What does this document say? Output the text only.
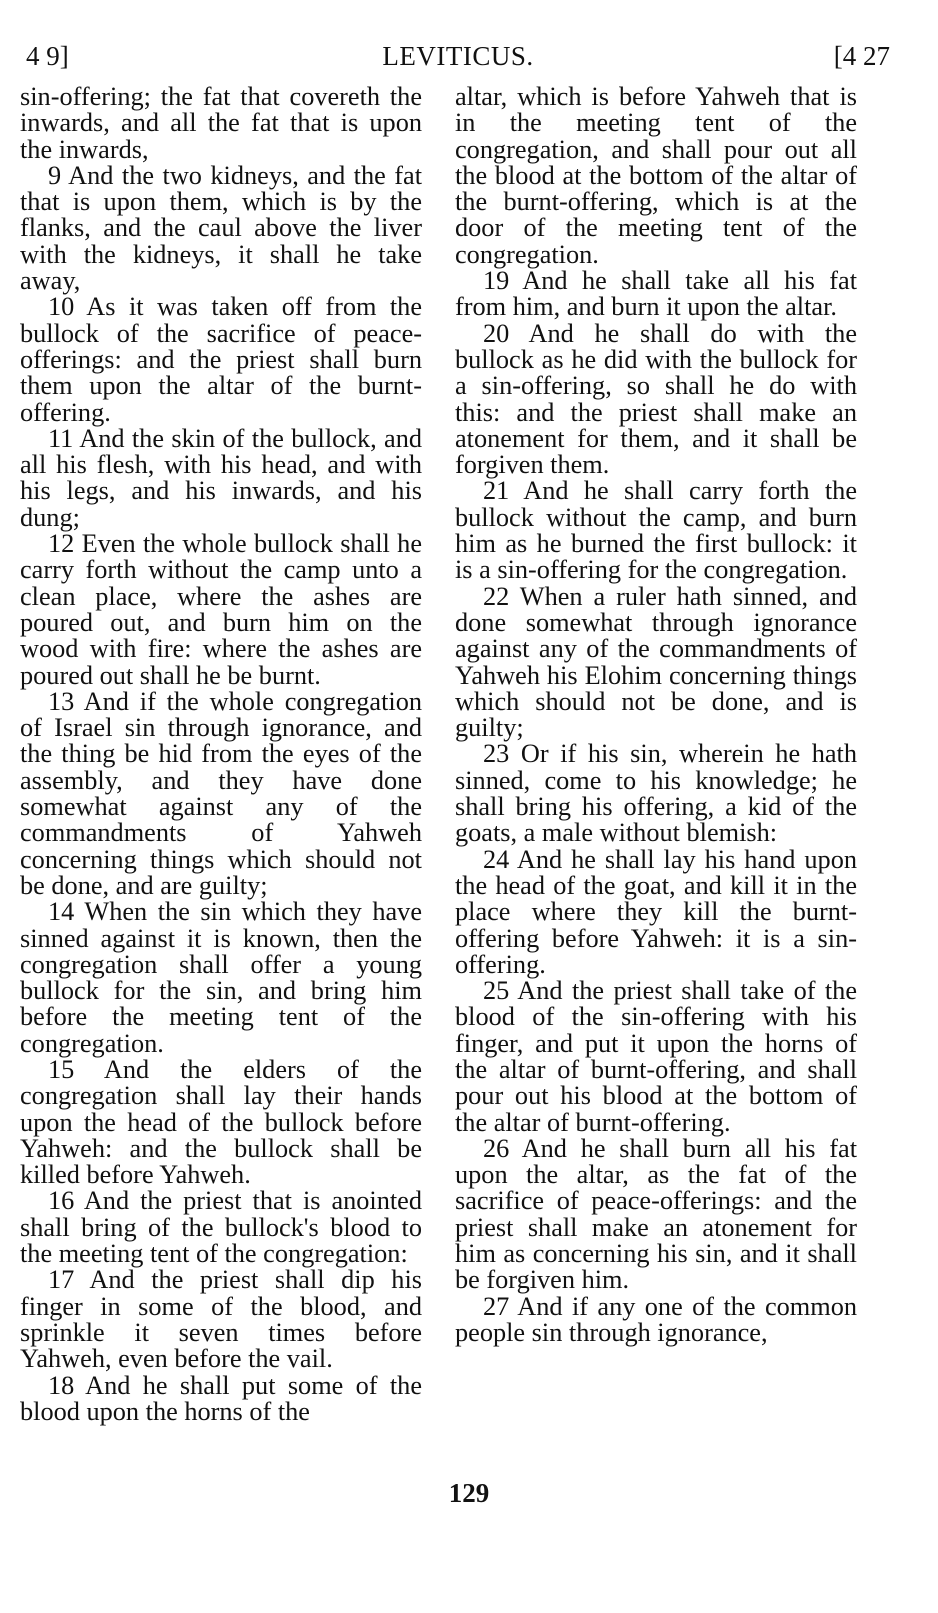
4 9]	LEVITICUS.	[4 27

sin-offering; the fat that covereth the inwards, and all the fat that is upon the inwards,

9 And the two kidneys, and the fat that is upon them, which is by the flanks, and the caul above the liver with the kidneys, it shall he take away,

10 As it was taken off from the bullock of the sacrifice of peace-offerings: and the priest shall burn them upon the altar of the burnt-offering.

11 And the skin of the bullock, and all his flesh, with his head, and with his legs, and his inwards, and his dung;

12 Even the whole bullock shall he carry forth without the camp unto a clean place, where the ashes are poured out, and burn him on the wood with fire: where the ashes are poured out shall he be burnt.

13 And if the whole congregation of Israel sin through ignorance, and the thing be hid from the eyes of the assembly, and they have done somewhat against any of the commandments of Yahweh concerning things which should not be done, and are guilty;

14 When the sin which they have sinned against it is known, then the congregation shall offer a young bullock for the sin, and bring him before the meeting tent of the congregation.

15 And the elders of the congregation shall lay their hands upon the head of the bullock before Yahweh: and the bullock shall be killed before Yahweh.

16 And the priest that is anointed shall bring of the bullock's blood to the meeting tent of the congregation:

17 And the priest shall dip his finger in some of the blood, and sprinkle it seven times before Yahweh, even before the vail.

18 And he shall put some of the blood upon the horns of the

altar, which is before Yahweh that is in the meeting tent of the congregation, and shall pour out all the blood at the bottom of the altar of the burnt-offering, which is at the door of the meeting tent of the congregation.

19 And he shall take all his fat from him, and burn it upon the altar.

20 And he shall do with the bullock as he did with the bullock for a sin-offering, so shall he do with this: and the priest shall make an atonement for them, and it shall be forgiven them.

21 And he shall carry forth the bullock without the camp, and burn him as he burned the first bullock: it is a sin-offering for the congregation.

22 When a ruler hath sinned, and done somewhat through ignorance against any of the commandments of Yahweh his Elohim concerning things which should not be done, and is guilty;

23 Or if his sin, wherein he hath sinned, come to his knowledge; he shall bring his offering, a kid of the goats, a male without blemish:

24 And he shall lay his hand upon the head of the goat, and kill it in the place where they kill the burnt-offering before Yahweh: it is a sin-offering.

25 And the priest shall take of the blood of the sin-offering with his finger, and put it upon the horns of the altar of burnt-offering, and shall pour out his blood at the bottom of the altar of burnt-offering.

26 And he shall burn all his fat upon the altar, as the fat of the sacrifice of peace-offerings: and the priest shall make an atonement for him as concerning his sin, and it shall be forgiven him.

27 And if any one of the common people sin through ignorance,

129
